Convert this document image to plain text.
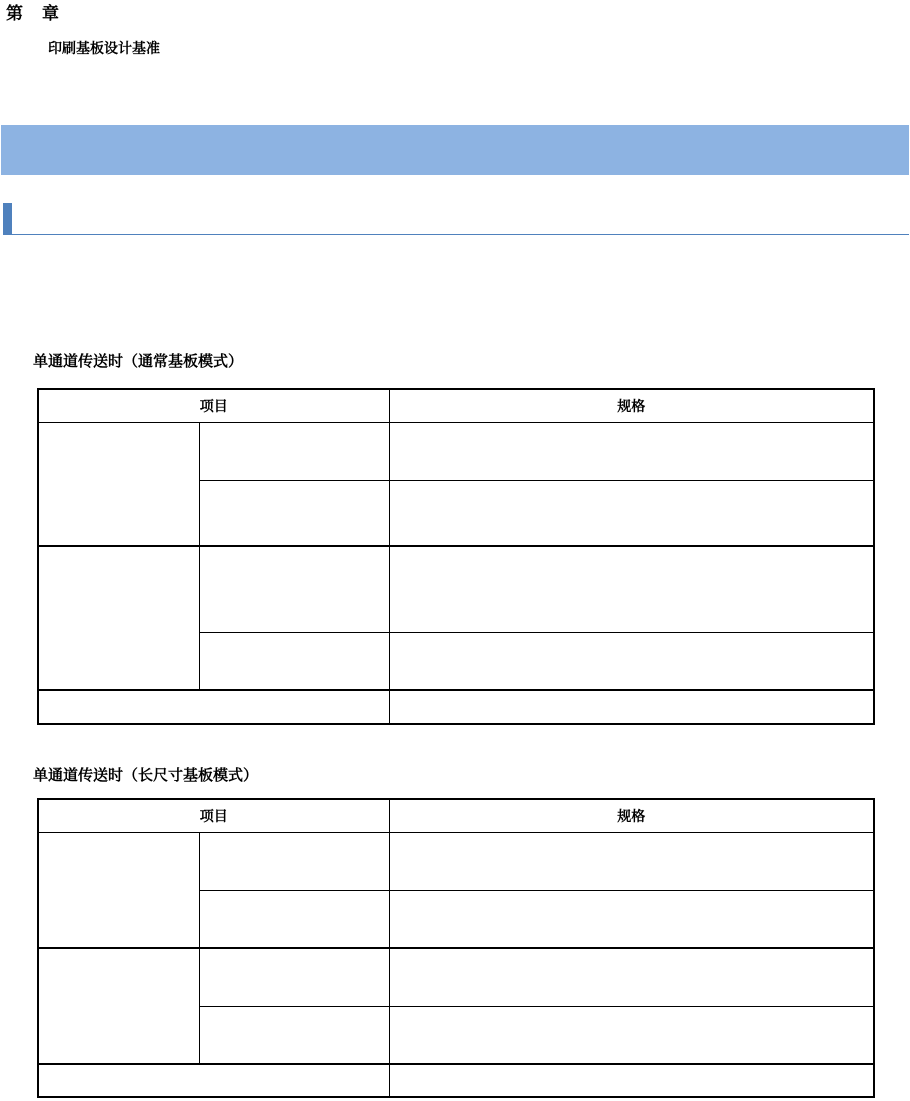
第　章
印刷基板设计基准
单通道传送时（通常基板模式）
项目		规格

单通道传送时（长尺寸基板模式）
项目		规格
